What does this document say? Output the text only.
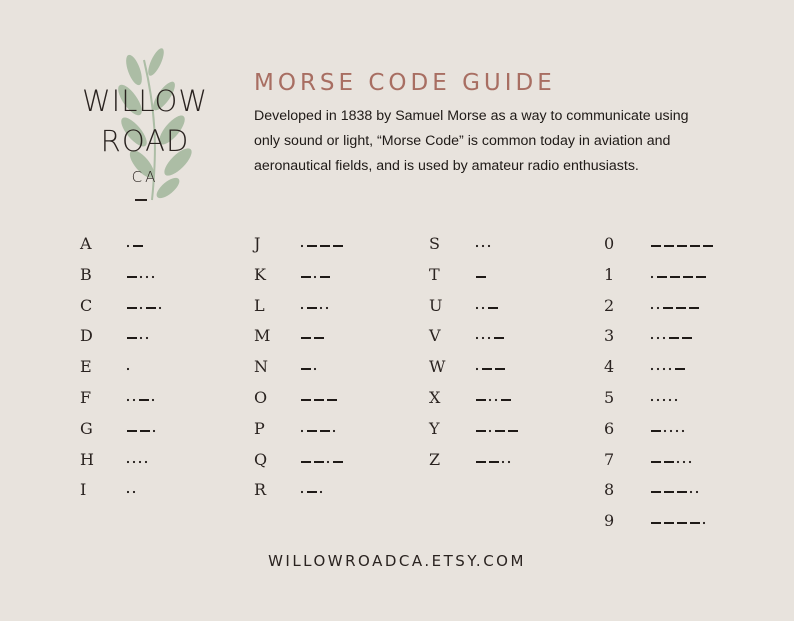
WILLOW
ROAD
CA
MORSE CODE GUIDE
Developed in 1838 by Samuel Morse as a way to communicate using only sound or light, “Morse Code” is common today in aviation and aeronautical fields, and is used by amateur radio enthusiasts.
A
B
C
D
E
F
G
H
I
J
K
L
M
N
O
P
Q
R
S
T
U
V
W
X
Y
Z
0
1
2
3
4
5
6
7
8
9
WILLOWROADCA.ETSY.COM
